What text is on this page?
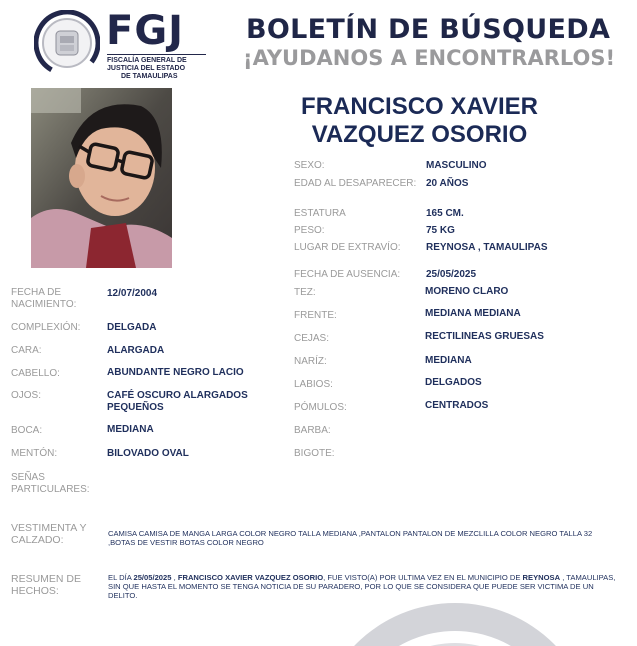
FGJ
FISCALÍA GENERAL DE
JUSTICIA DEL ESTADO
DE TAMAULIPAS
BOLETÍN DE BÚSQUEDA
¡AYUDANOS A ENCONTRARLOS!
FRANCISCO XAVIER
VAZQUEZ OSORIO
SEXO:	MASCULINO
EDAD AL DESAPARECER: 20 AÑOS
ESTATURA	165 CM.
PESO:	75 KG
LUGAR DE EXTRAVÍO:	REYNOSA , TAMAULIPAS
FECHA DE AUSENCIA:	25/05/2025
FECHA DE NACIMIENTO:
12/07/2004
COMPLEXIÓN:	DELGADA
CARA:	ALARGADA
CABELLO:	ABUNDANTE NEGRO LACIO
OJOS:	CAFÉ OSCURO ALARGADOS PEQUEÑOS
BOCA:	MEDIANA
MENTÓN:	BILOVADO OVAL
SEÑAS PARTICULARES:
TEZ:	MORENO CLARO
FRENTE:	MEDIANA MEDIANA
CEJAS:	RECTILINEAS GRUESAS
NARÍZ:	MEDIANA
LABIOS:	DELGADOS
PÓMULOS:	CENTRADOS
BARBA:
BIGOTE:
VESTIMENTA Y CALZADO:
CAMISA CAMISA DE MANGA LARGA COLOR NEGRO TALLA MEDIANA ,PANTALON PANTALON DE MEZCLILLA COLOR NEGRO TALLA 32 ,BOTAS DE VESTIR BOTAS COLOR NEGRO
RESUMEN DE HECHOS:
EL DÍA 25/05/2025 , FRANCISCO XAVIER VAZQUEZ OSORIO, FUE VISTO(A) POR ULTIMA VEZ EN EL MUNICIPIO DE REYNOSA , TAMAULIPAS, SIN QUE HASTA EL MOMENTO SE TENGA NOTICIA DE SU PARADERO, POR LO QUE SE CONSIDERA QUE PUEDE SER VICTIMA DE UN DELITO.
